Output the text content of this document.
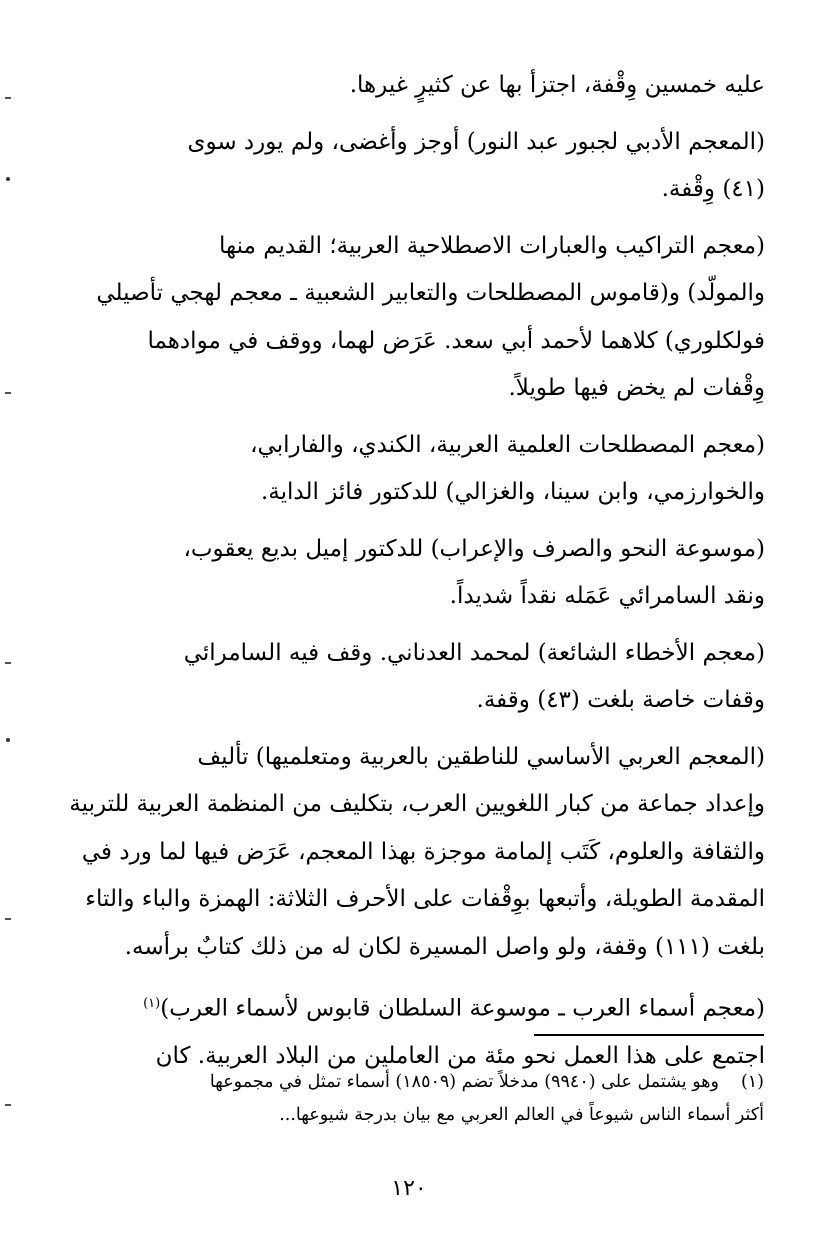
عليه خمسين وِقْفة، اجتزأ بها عن كثيرٍ غيرها.

(المعجم الأدبي لجبور عبد النور) أوجز وأغضى، ولم يورد سوى
(٤١) وِقْفة.

(معجم التراكيب والعبارات الاصطلاحية العربية؛ القديم منها
والمولّد) و(قاموس المصطلحات والتعابير الشعبية ـ معجم لهجي تأصيلي
فولكلوري) كلاهما لأحمد أبي سعد. عَرَض لهما، ووقف في موادهما
وِقْفات لم يخض فيها طويلاً.

(معجم المصطلحات العلمية العربية، الكندي، والفارابي،
والخوارزمي، وابن سينا، والغزالي) للدكتور فائز الداية.

(موسوعة النحو والصرف والإعراب) للدكتور إميل بديع يعقوب،
ونقد السامرائي عَمَله نقداً شديداً.

(معجم الأخطاء الشائعة) لمحمد العدناني. وقف فيه السامرائي
وقفات خاصة بلغت (٤٣) وقفة.

(المعجم العربي الأساسي للناطقين بالعربية ومتعلميها) تأليف
وإعداد جماعة من كبار اللغويين العرب، بتكليف من المنظمة العربية للتربية
والثقافة والعلوم، كَتَب إلمامة موجزة بهذا المعجم، عَرَض فيها لما ورد في
المقدمة الطويلة، وأتبعها بوِقْفات على الأحرف الثلاثة: الهمزة والباء والتاء
بلغت (١١١) وقفة، ولو واصل المسيرة لكان له من ذلك كتابٌ برأسه.

(معجم أسماء العرب ـ موسوعة السلطان قابوس لأسماء العرب)$^{(١)}$
اجتمع على هذا العمل نحو مئة من العاملين من البلاد العربية. كان

(١)وهو يشتمل على (٩٩٤٠) مدخلاً تضم (١٨٥٠٩) أسماء تمثل في مجموعها
أكثر أسماء الناس شيوعاً في العالم العربي مع بيان بدرجة شيوعها...
١٢٠
